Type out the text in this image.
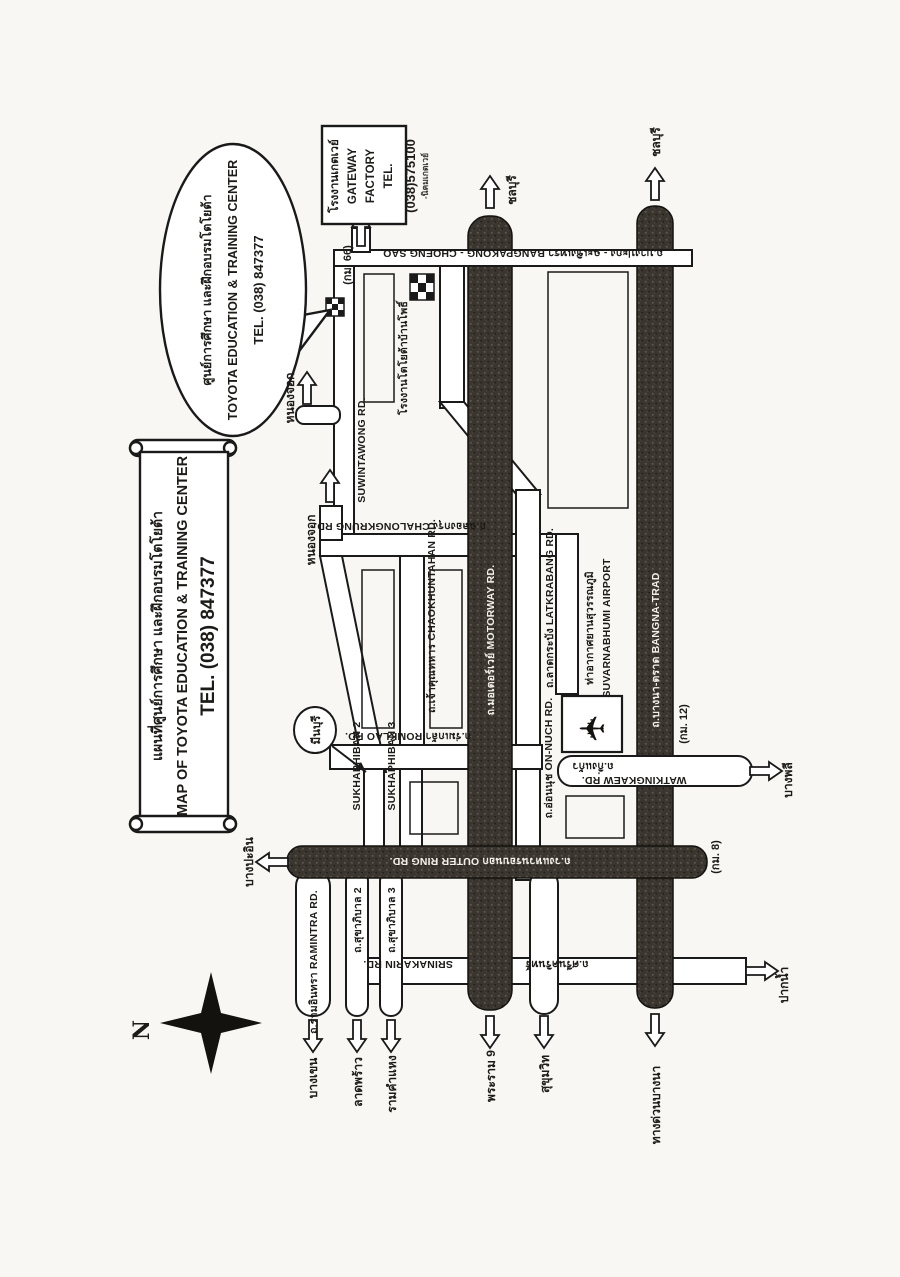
มีนบุรี	✈
N
แผนที่ศูนย์การศึกษา และฝึกอบรมโตโยต้า MAP OF TOYOTA EDUCATION & TRAINING CENTER TEL. (038) 847377
ศูนย์การศึกษา และฝึกอบรมโตโยต้า TOYOTA EDUCATION & TRAINING CENTER TEL. (038) 847377
โรงงานเกตเวย์ GATEWAY FACTORY TEL. (038)575100 -นิคมเกตเวย์
ถ.บางปะกง - ฉะเชิงเทรา BANGPAKONG - CHOENG SAO
SUWINTAWONG RD.
ถ.ฉลองกรุง CHALONGKRUNG RD.
ถ.เจ้าคุณทหาร CHAOKHUNTAHAN RD.	ถ.ลาดกระบัง LATKRABANG RD.
ถ.มอเตอร์เวย์ MOTORWAY RD.	ถ.บางนา-ตราด BANGNA-TRAD
ถ.วงแหวนรอบนอก OUTER RING RD.
ถ.ร่มเกล้า ROMKLAO RD.	ถ.อ่อนนุช ON-NUCH RD.
SUKHAPHIBAN 2 SUKHAPHIBAN 3	ถ.กิ่งแก้ว
WATKINGKAEW RD.
ถ.รามอินทรา RAMINTRA RD.	ถ.สุขาภิบาล 2 ถ.สุขาภิบาล 3
SRINAKARIN RD.	ถ.ศรีนครินทร์
โรงงานโตโยต้าบ้านโพธิ์
ท่าอากาศยานสุวรรณภูมิ SUVARNABHUMI AIRPORT
(กม. 66)
(กม. 12)
(กม. 8)
ชลบุรี
ชลบุรี
หนองจอก
หนองจอก
บางปะอิน
บางเขน	ลาดพร้าว รามคำแหง	พระราม 9	สุขุมวิท	ทางด่วนบางนา
บางพลี
ปากน้ำ
